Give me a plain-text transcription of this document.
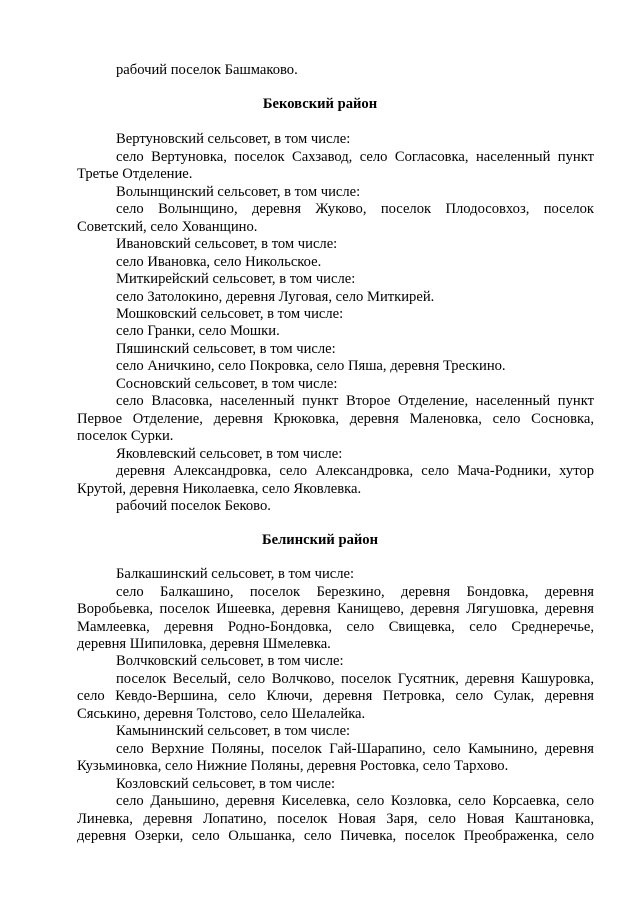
рабочий поселок Башмаково.
Бековский район
Вертуновский сельсовет, в том числе:
село Вертуновка, поселок Сахзавод, село Согласовка, населенный пункт
Третье Отделение.
Волынщинский сельсовет, в том числе:
село Волынщино, деревня Жуково, поселок Плодосовхоз, поселок
Советский, село Хованщино.
Ивановский сельсовет, в том числе:
село Ивановка, село Никольское.
Миткирейский сельсовет, в том числе:
село Затолокино, деревня Луговая, село Миткирей.
Мошковский сельсовет, в том числе:
село Гранки, село Мошки.
Пяшинский сельсовет, в том числе:
село Аничкино, село Покровка, село Пяша, деревня Трескино.
Сосновский сельсовет, в том числе:
село Власовка, населенный пункт Второе Отделение, населенный пункт
Первое Отделение, деревня Крюковка, деревня Маленовка, село Сосновка,
поселок Сурки.
Яковлевский сельсовет, в том числе:
деревня Александровка, село Александровка, село Мача-Родники, хутор
Крутой, деревня Николаевка, село Яковлевка.
рабочий поселок Беково.
Белинский район
Балкашинский сельсовет, в том числе:
село Балкашино, поселок Березкино, деревня Бондовка, деревня
Воробьевка, поселок Ишеевка, деревня Канищево, деревня Лягушовка, деревня
Мамлеевка, деревня Родно-Бондовка, село Свищевка, село Среднеречье,
деревня Шипиловка, деревня Шмелевка.
Волчковский сельсовет, в том числе:
поселок Веселый, село Волчково, поселок Гусятник, деревня Кашуровка,
село Кевдо-Вершина, село Ключи, деревня Петровка, село Сулак, деревня
Сяськино, деревня Толстово, село Шелалейка.
Камынинский сельсовет, в том числе:
село Верхние Поляны, поселок Гай-Шарапино, село Камынино, деревня
Кузьминовка, село Нижние Поляны, деревня Ростовка, село Тархово.
Козловский сельсовет, в том числе:
село Даньшино, деревня Киселевка, село Козловка, село Корсаевка, село
Линевка, деревня Лопатино, поселок Новая Заря, село Новая Каштановка,
деревня Озерки, село Ольшанка, село Пичевка, поселок Преображенка, село
